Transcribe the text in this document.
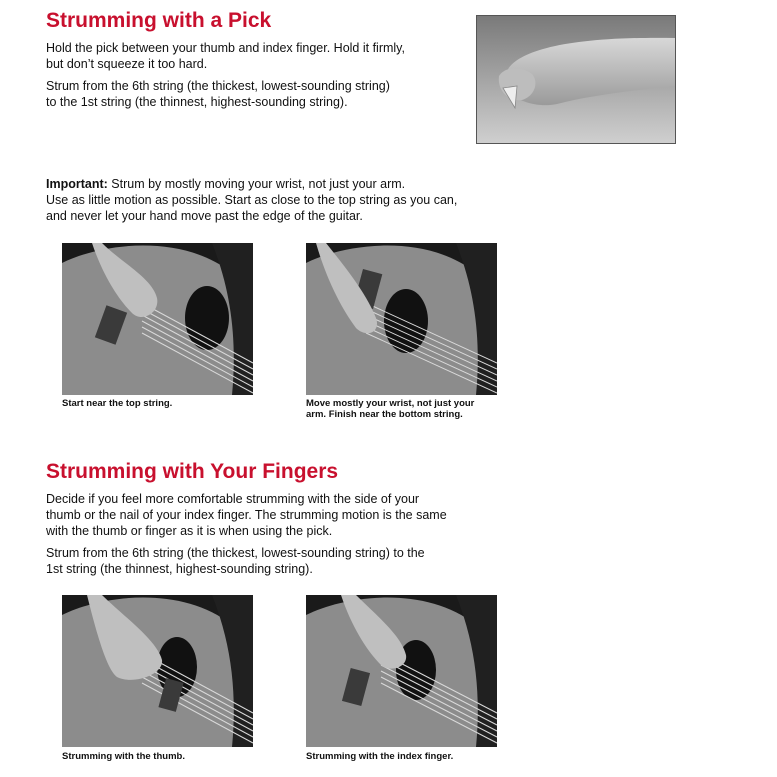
Strumming with a Pick

Hold the pick between your thumb and index finger. Hold it firmly,

but don’t squeeze it too hard.

Strum from the 6th string (the thickest, lowest-sounding string)

to the 1st string (the thinnest, highest-sounding string).

Important: Strum by mostly moving your wrist, not just your arm.

Use as little motion as possible. Start as close to the top string as you can,

and never let your hand move past the edge of the guitar.

Start near the top string.	Move mostly your wrist, not just your

arm. Finish near the bottom string.

Strumming with Your Fingers

Decide if you feel more comfortable strumming with the side of your

thumb or the nail of your index finger. The strumming motion is the same

with the thumb or finger as it is when using the pick.

Strum from the 6th string (the thickest, lowest-sounding string) to the

1st string (the thinnest, highest-sounding string).

Strumming with the thumb.	Strumming with the index finger.
